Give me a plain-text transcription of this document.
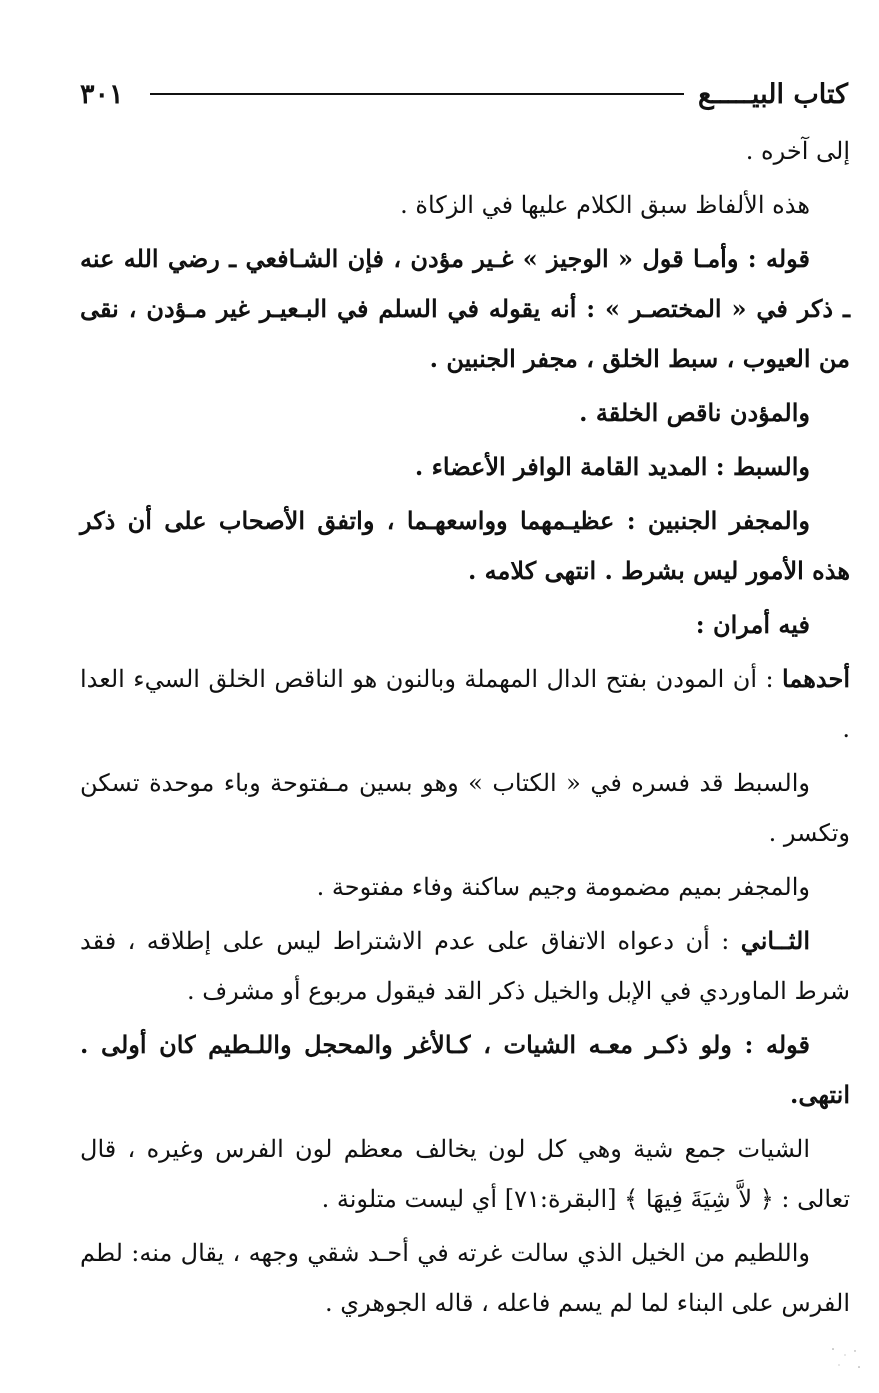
كتاب البيـــــع
٣٠١

إلى آخره .

هذه الألفاظ سبق الكلام عليها في الزكاة .

قوله : وأمـا قول « الوجيز » غـير مؤدن ، فإن الشـافعي ـ رضي الله عنه ـ ذكر في « المختصـر » : أنه يقوله في السلم في البـعيـر غير مـؤدن ، نقى من العيوب ، سبط الخلق ، مجفر الجنبين .

والمؤدن ناقص الخلقة .

والسبط : المديد القامة الوافر الأعضاء .

والمجفر الجنبين : عظيـمهما وواسعهـما ، واتفق الأصحاب على أن ذكر هذه الأمور ليس بشرط . انتهى كلامه .

فيه أمران :

أحدهما : أن المودن بفتح الدال المهملة وبالنون هو الناقص الخلق السيء العدا .

والسبط قد فسره في « الكتاب » وهو بسين مـفتوحة وباء موحدة تسكن وتكسر .

والمجفر بميم مضمومة وجيم ساكنة وفاء مفتوحة .

الثــاني : أن دعواه الاتفاق على عدم الاشتراط ليس على إطلاقه ، فقد شرط الماوردي في الإبل والخيل ذكر القد فيقول مربوع أو مشرف .

قوله : ولو ذكـر معـه الشيات ، كـالأغر والمحجل واللـطيم كان أولى . انتهى.

الشيات جمع شية وهي كل لون يخالف معظم لون الفرس وغيره ، قال تعالى : ﴿ لاَّ شِيَةَ فِيهَا ﴾ [البقرة:٧١] أي ليست متلونة .

واللطيم من الخيل الذي سالت غرته في أحـد شقي وجهه ، يقال منه: لطم الفرس على البناء لما لم يسم فاعله ، قاله الجوهري .
